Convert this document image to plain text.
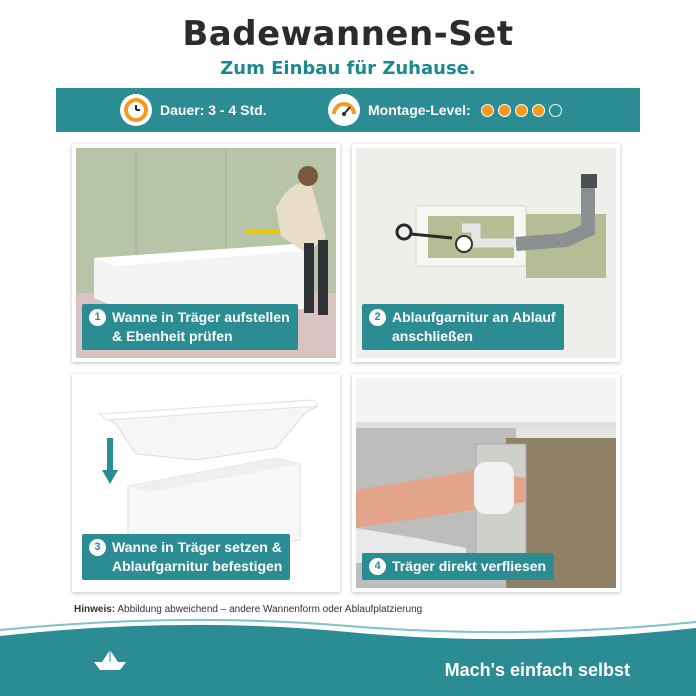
Badewannen-Set
Zum Einbau für Zuhause.
Dauer: 3 - 4 Std.	Montage-Level:
1 Wanne in Träger aufstellen
& Ebenheit prüfen
2 Ablaufgarnitur an Ablauf
anschließen
3 Wanne in Träger setzen &
Ablaufgarnitur befestigen	4 Träger direkt verfliesen
Hinweis: Abbildung abweichend – andere Wannenform oder Ablaufplatzierung
Mach's einfach selbst
